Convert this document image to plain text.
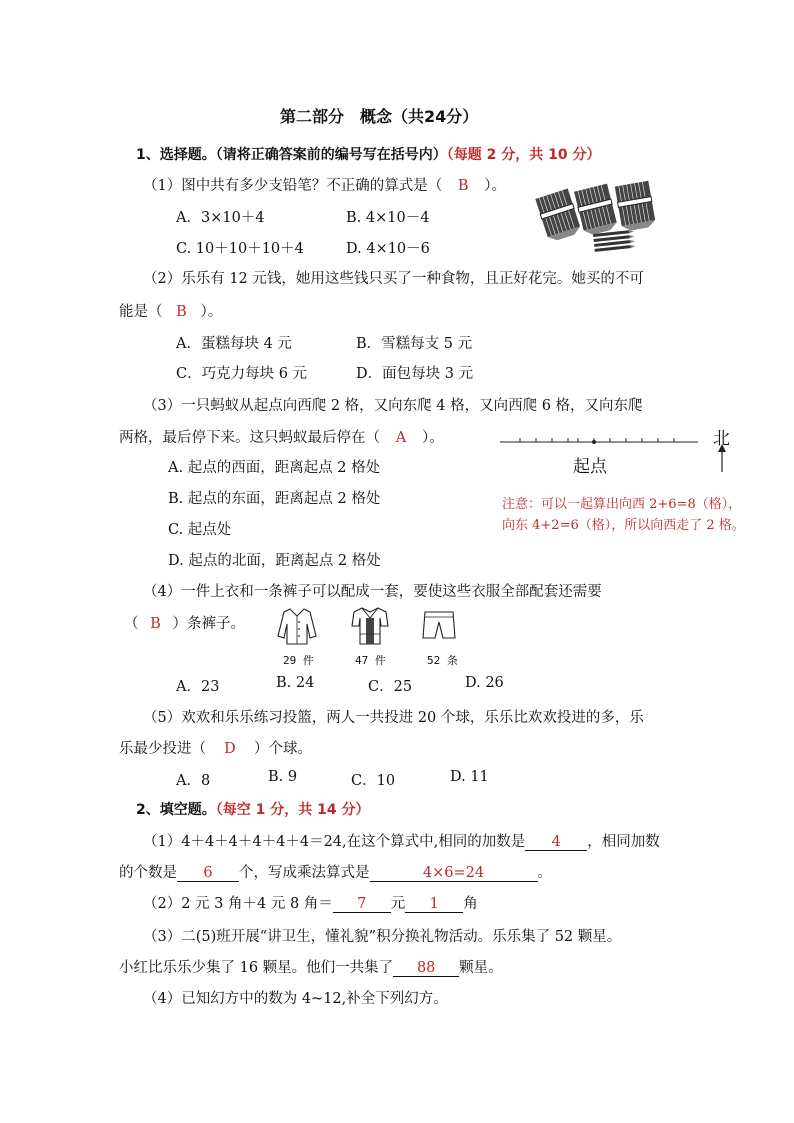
第二部分　概念（共24分）
1、选择题。（请将正确答案前的编号写在括号内）（每题 2 分，共 10 分）
（1）图中共有多少支铅笔？不正确的算式是（ B ）。
A．3×10＋4	B. 4×10－4
C. 10＋10＋10＋4	D. 4×10－6
（2）乐乐有 12 元钱，她用这些钱只买了一种食物，且正好花完。她买的不可
能是（ B ）。
A．蛋糕每块 4 元	B．雪糕每支 5 元
C．巧克力每块 6 元	D．面包每块 3 元
（3）一只蚂蚁从起点向西爬 2 格，又向东爬 4 格，又向西爬 6 格，又向东爬
两格，最后停下来。这只蚂蚁最后停在（ A ）。
A. 起点的西面，距离起点 2 格处
B. 起点的东面，距离起点 2 格处
C. 起点处
D. 起点的北面，距离起点 2 格处
北
起点
注意：可以一起算出向西 2+6=8（格），
向东 4+2=6（格），所以向西走了 2 格。
（4）一件上衣和一条裤子可以配成一套，要使这些衣服全部配套还需要
（ B ）条裤子。
29 件	47 件	52 条
A．23	B. 24	C．25	D. 26
（5）欢欢和乐乐练习投篮，两人一共投进 20 个球，乐乐比欢欢投进的多，乐
乐最少投进（ D ）个球。
A．8	B. 9	C．10	D. 11
2、填空题。（每空 1 分，共 14 分）
（1）4＋4＋4＋4＋4＋4＝24,在这个算式中,相同的加数是 4 ，相同加数
的个数是 6 个，写成乘法算式是	4×6=24	。
（2）2 元 3 角＋4 元 8 角＝ 7 元 1 角
（3）二(5)班开展“讲卫生，懂礼貌”积分换礼物活动。乐乐集了 52 颗星。
小红比乐乐少集了 16 颗星。他们一共集了 88 颗星。
（4）已知幻方中的数为 4~12,补全下列幻方。
